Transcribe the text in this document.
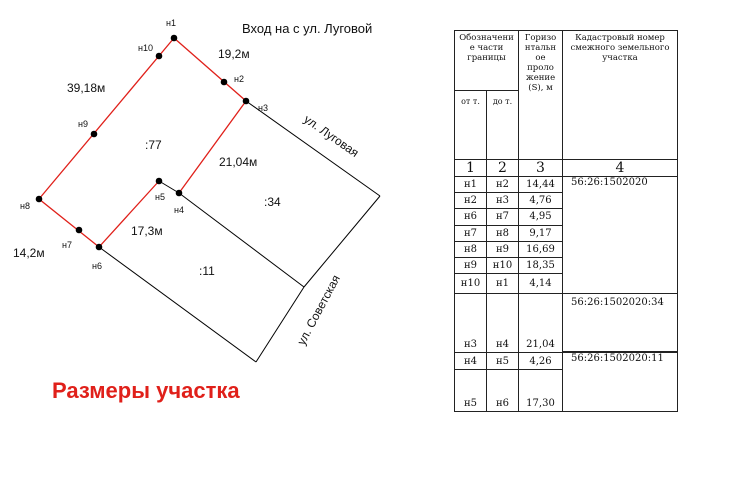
Вход на с ул. Луговой
н1
н10
н2
н3
н9
н5
н4
н8
н7
н6
19,2м
39,18м
21,04м
17,3м
14,2м
:77
:34
:11
ул. Луговая
ул. Советская
Размеры участка
Обозначени е части границы		Горизо нтальн ое проло жение (S), м	Кадастровый номер смежного земельного участка
от т.	до т.		
1	2	3	4
н1	н2	14,44	56:26:1502020
н2	н3	4,76	
н6	н7	4,95	
н7	н8	9,17	
н8	н9	16,69	
н9	н10	18,35	
н10	н1	4,14	
н3	н4	21,04	56:26:1502020:34

н4	н5	4,26	56:26:1502020:11
н5	н6	17,30	
